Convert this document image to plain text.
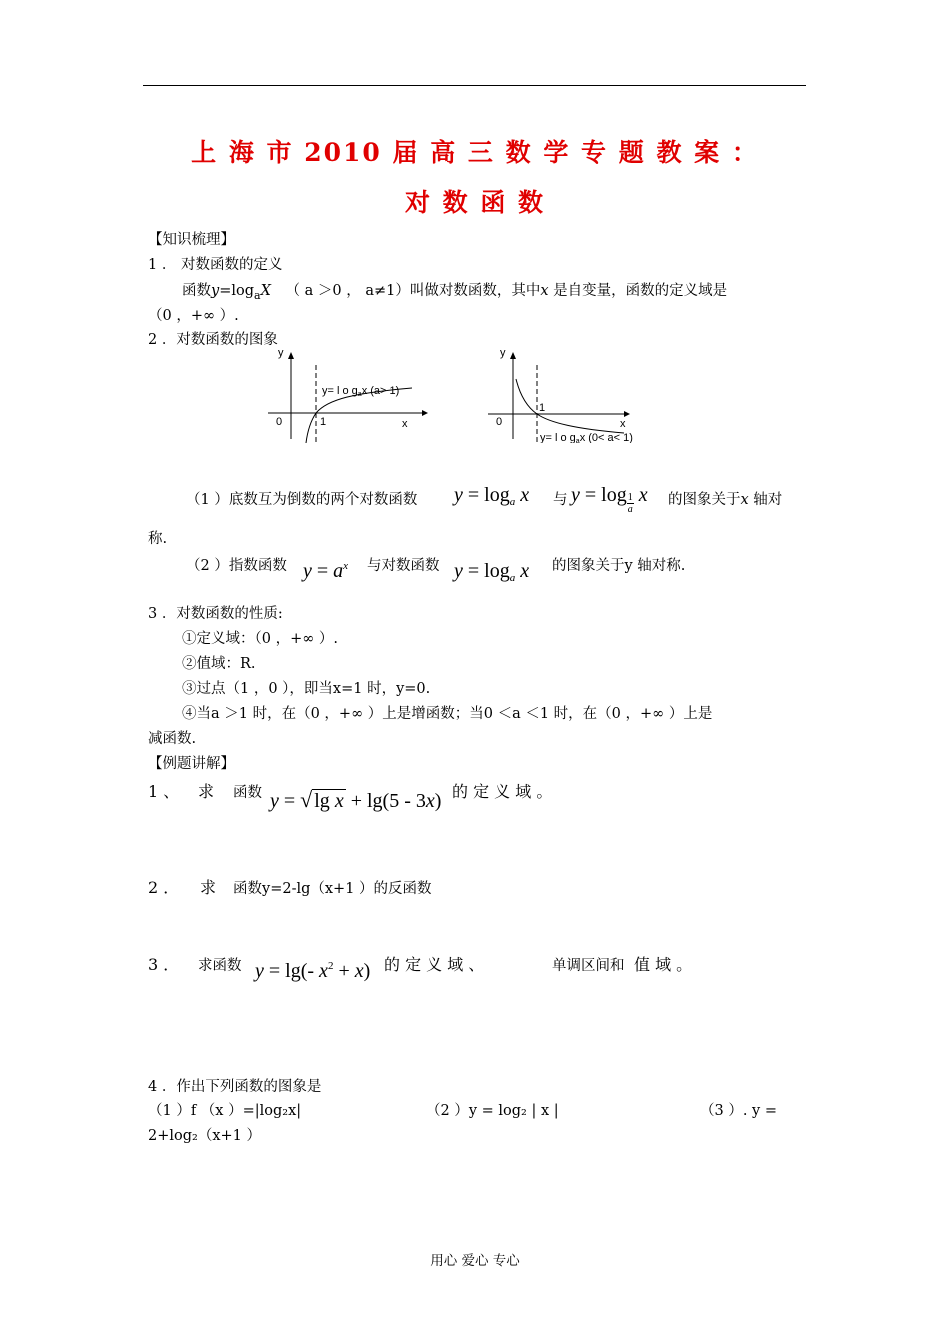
上 海 市 2010 届 高 三 数 学 专 题 教 案 ：
对 数 函 数
【知识梳理】
1 ． 对数函数的定义
函数$y=\log_aX$ （ a ＞0 ， a≠1）叫做对数函数，其中x 是自变量，函数的定义域是
（0 ，+∞ ）.
2 ．对数函数的图象
y
x
0	1
y= l o gax (a> 1)
y
x
0
1
y= l o gax (0< a< 1)
（1 ）底数互为倒数的两个对数函数 $y = \log_a x$ 与 $y = \log \frac{1}{a}$ x 的图象关于x 轴对
称.
（2 ）指数函数 $y = a^x$ 与对数函数 $y = \log_a x$ 的图象关于y 轴对称.
3 ．对数函数的性质:
①定义域：（0 ，+∞ ）.
②值域：R.
③过点（1 ，0 ），即当x=1 时，y=0.
④当a ＞1 时，在（0 ，+∞ ）上是增函数；当0 ＜a ＜1 时，在（0 ，+∞ ）上是
减函数.
【例题讲解】
1 、 求 函数 y = √ lg x + lg(5 - 3x) 的 定 义 域 。
2 ． 求 函数y=2-lg（x+1 ）的反函数
3 ． 求函数 y = lg(- $x^2 + x$) 的 定 义 域 、	单调区间和 值 域 。
4 ．作出下列函数的图象是
（1 ）f （x ）=|log₂x|	（2 ）y = log₂ | x |	（3 ）. y =
2+log₂（x+1 ）
用心 爱心 专心
